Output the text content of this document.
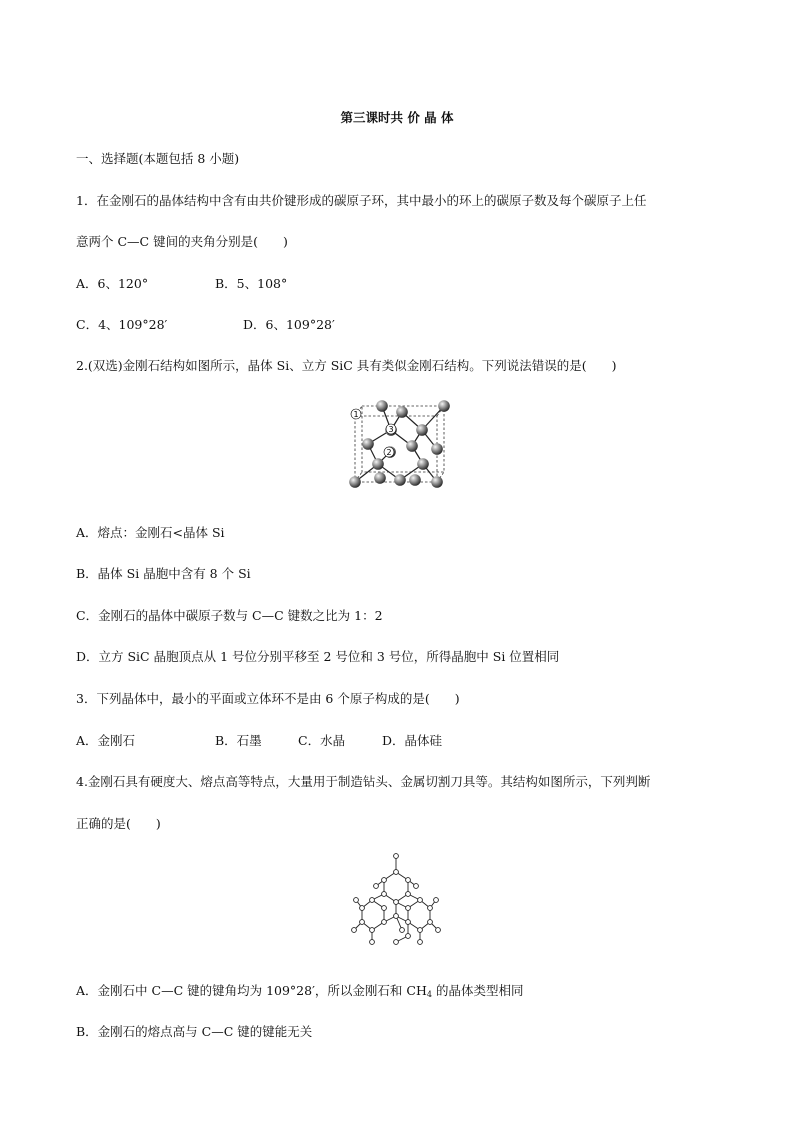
第三课时共 价 晶 体
一、选择题(本题包括 8 小题)
1．在金刚石的晶体结构中含有由共价键形成的碳原子环，其中最小的环上的碳原子数及每个碳原子上任
意两个 C—C 键间的夹角分别是(　　)
A．6、120°	B．5、108°
C．4、109°28′	D．6、109°28′
2.(双选)金刚石结构如图所示，晶体 Si、立方 SiC 具有类似金刚石结构。下列说法错误的是(　　)
1
2
3
A．熔点：金刚石<晶体 Si
B．晶体 Si 晶胞中含有 8 个 Si
C．金刚石的晶体中碳原子数与 C—C 键数之比为 1：2
D．立方 SiC 晶胞顶点从 1 号位分别平移至 2 号位和 3 号位，所得晶胞中 Si 位置相同
3．下列晶体中，最小的平面或立体环不是由 6 个原子构成的是(　　)
A．金刚石	B．石墨	C．水晶	D．晶体硅
4.金刚石具有硬度大、熔点高等特点，大量用于制造钻头、金属切割刀具等。其结构如图所示，下列判断
正确的是(　　)
A．金刚石中 C—C 键的键角均为 109°28′，所以金刚石和 $CH_4$ 的晶体类型相同
B．金刚石的熔点高与 C—C 键的键能无关
